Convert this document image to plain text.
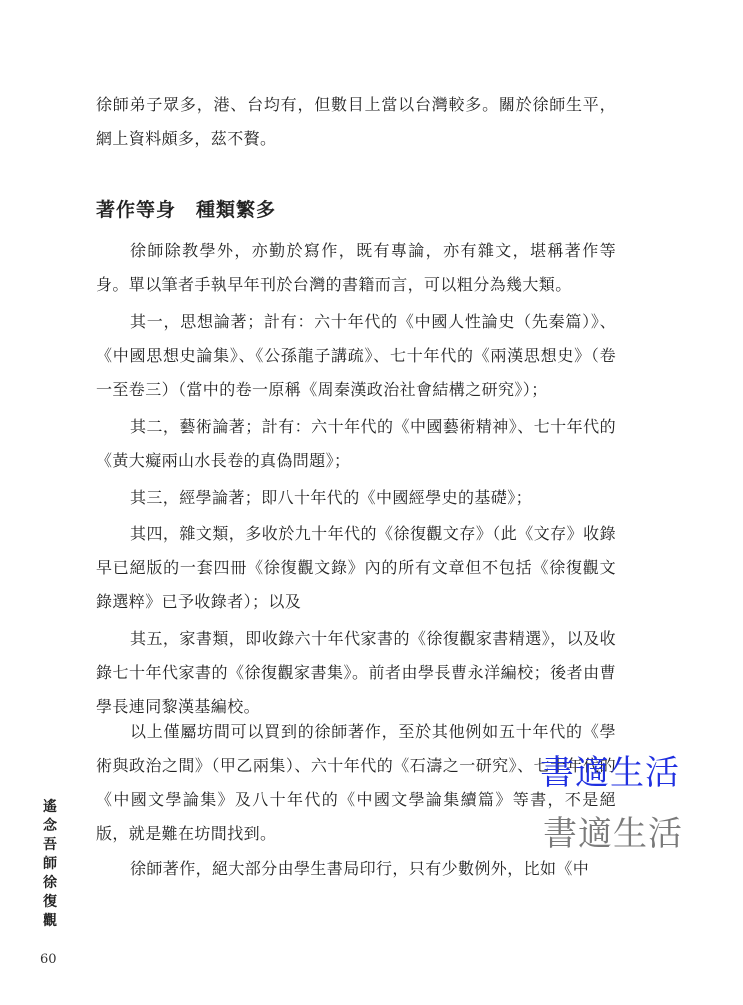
徐師弟子眾多，港、台均有，但數目上當以台灣較多。關於徐師生平，網上資料頗多，茲不贅。

著作等身　種類繁多

徐師除教學外，亦勤於寫作，既有專論，亦有雜文，堪稱著作等身。單以筆者手執早年刊於台灣的書籍而言，可以粗分為幾大類。

其一，思想論著；計有：六十年代的《中國人性論史（先秦篇）》、《中國思想史論集》、《公孫龍子講疏》、七十年代的《兩漢思想史》（卷一至卷三）（當中的卷一原稱《周秦漢政治社會結構之研究》）；

其二，藝術論著；計有：六十年代的《中國藝術精神》、七十年代的《黃大癡兩山水長卷的真偽問題》；

其三，經學論著；即八十年代的《中國經學史的基礎》；

其四，雜文類，多收於九十年代的《徐復觀文存》（此《文存》收錄早已絕版的一套四冊《徐復觀文錄》內的所有文章但不包括《徐復觀文錄選粹》已予收錄者）；以及

其五，家書類，即收錄六十年代家書的《徐復觀家書精選》，以及收錄七十年代家書的《徐復觀家書集》。前者由學長曹永洋編校；後者由曹學長連同黎漢基編校。

以上僅屬坊間可以買到的徐師著作，至於其他例如五十年代的《學術與政治之間》（甲乙兩集）、六十年代的《石濤之一研究》、七十年代的《中國文學論集》及八十年代的《中國文學論集續篇》等書，不是絕版，就是難在坊間找到。

徐師著作，絕大部分由學生書局印行，只有少數例外，比如《中

遙
念
吾
師
徐
復
觀
60
書適生活
書適生活
